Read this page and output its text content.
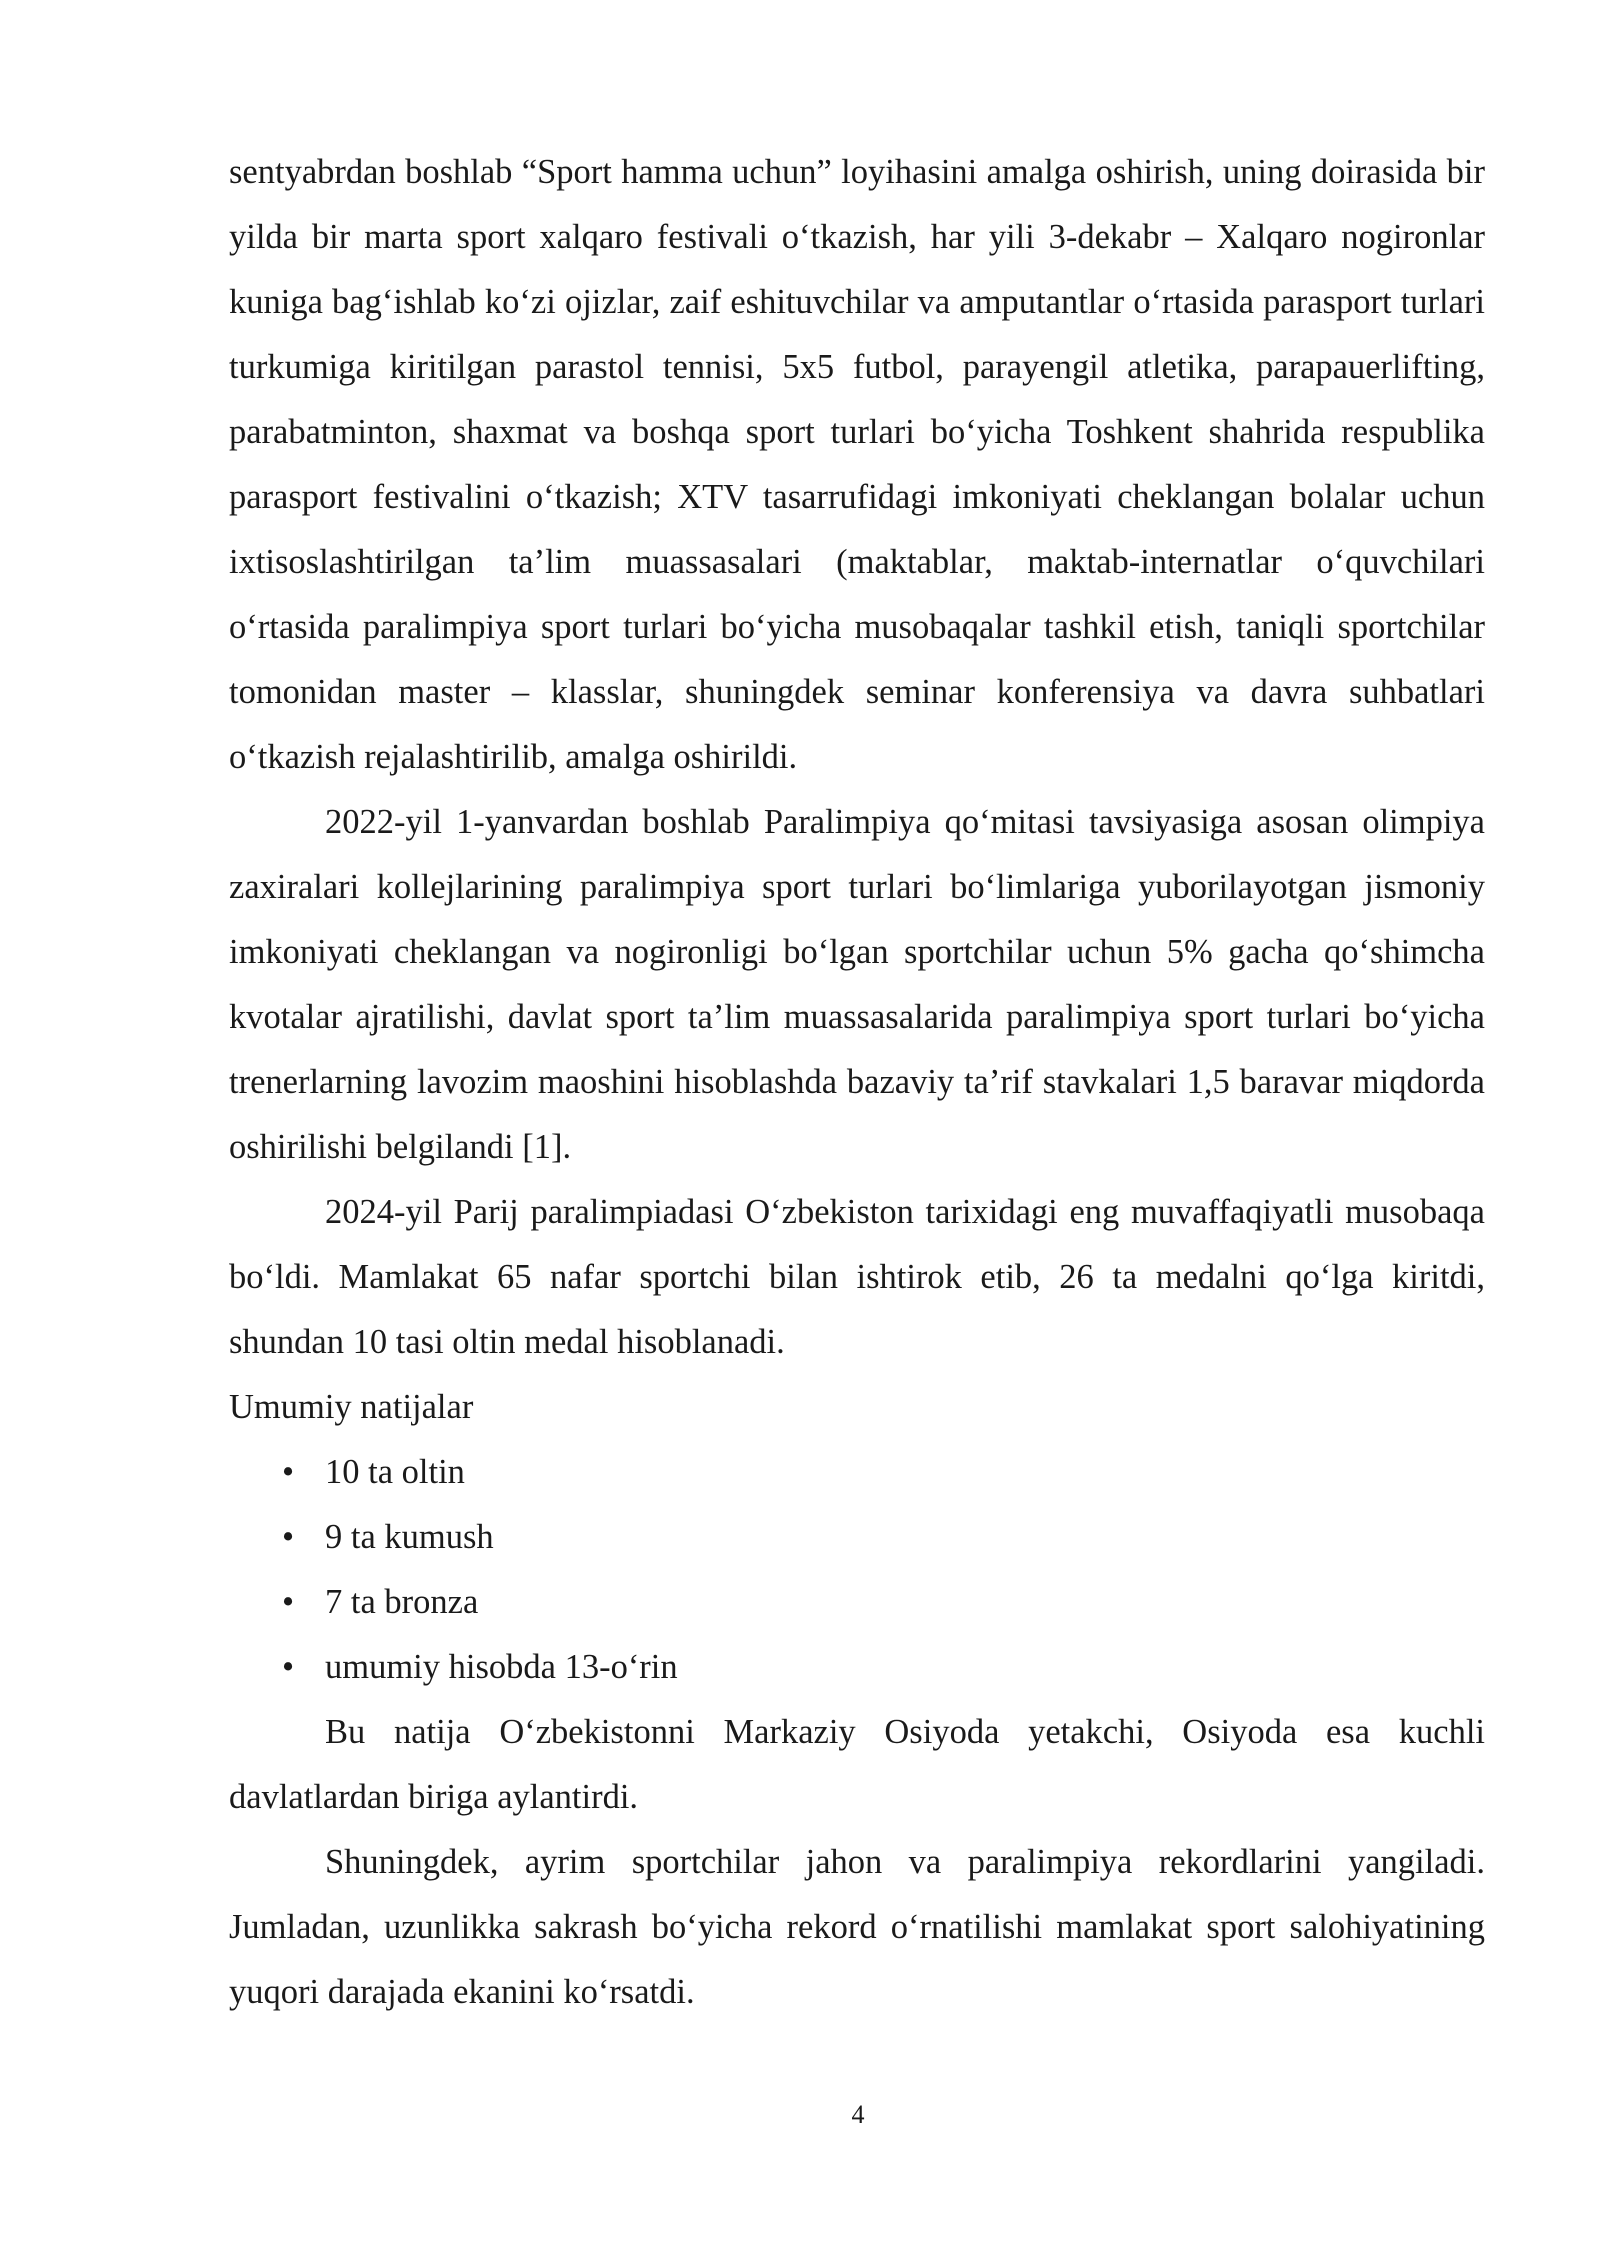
sentyabrdan boshlab “Sport hamma uchun” loyihasini amalga oshirish, uning doirasida bir yilda bir marta sport xalqaro festivali o‘tkazish, har yili 3-dekabr – Xalqaro nogironlar kuniga bag‘ishlab ko‘zi ojizlar, zaif eshituvchilar va amputantlar o‘rtasida parasport turlari turkumiga kiritilgan parastol tennisi, 5x5 futbol, parayengil atletika, parapauerlifting, parabatminton, shaxmat va boshqa sport turlari bo‘yicha Toshkent shahrida respublika parasport festivalini o‘tkazish; XTV tasarrufidagi imkoniyati cheklangan bolalar uchun ixtisoslashtirilgan ta’lim muassasalari (maktablar, maktab-internatlar o‘quvchilari o‘rtasida paralimpiya sport turlari bo‘yicha musobaqalar tashkil etish, taniqli sportchilar tomonidan master – klasslar, shuningdek seminar konferensiya va davra suhbatlari o‘tkazish rejalashtirilib, amalga oshirildi.

2022-yil 1-yanvardan boshlab Paralimpiya qo‘mitasi tavsiyasiga asosan olimpiya zaxiralari kollejlarining paralimpiya sport turlari bo‘limlariga yuborilayotgan jismoniy imkoniyati cheklangan va nogironligi bo‘lgan sportchilar uchun 5% gacha qo‘shimcha kvotalar ajratilishi, davlat sport ta’lim muassasalarida paralimpiya sport turlari bo‘yicha trenerlarning lavozim maoshini hisoblashda bazaviy ta’rif stavkalari 1,5 baravar miqdorda oshirilishi belgilandi [1].

2024-yil Parij paralimpiadasi O‘zbekiston tarixidagi eng muvaffaqiyatli musobaqa bo‘ldi. Mamlakat 65 nafar sportchi bilan ishtirok etib, 26 ta medalni qo‘lga kiritdi, shundan 10 tasi oltin medal hisoblanadi.

Umumiy natijalar

• 10 ta oltin
• 9 ta kumush
• 7 ta bronza
• umumiy hisobda 13-o‘rin

Bu natija O‘zbekistonni Markaziy Osiyoda yetakchi, Osiyoda esa kuchli davlatlardan biriga aylantirdi.

Shuningdek, ayrim sportchilar jahon va paralimpiya rekordlarini yangiladi. Jumladan, uzunlikka sakrash bo‘yicha rekord o‘rnatilishi mamlakat sport salohiyatining yuqori darajada ekanini ko‘rsatdi.

4
